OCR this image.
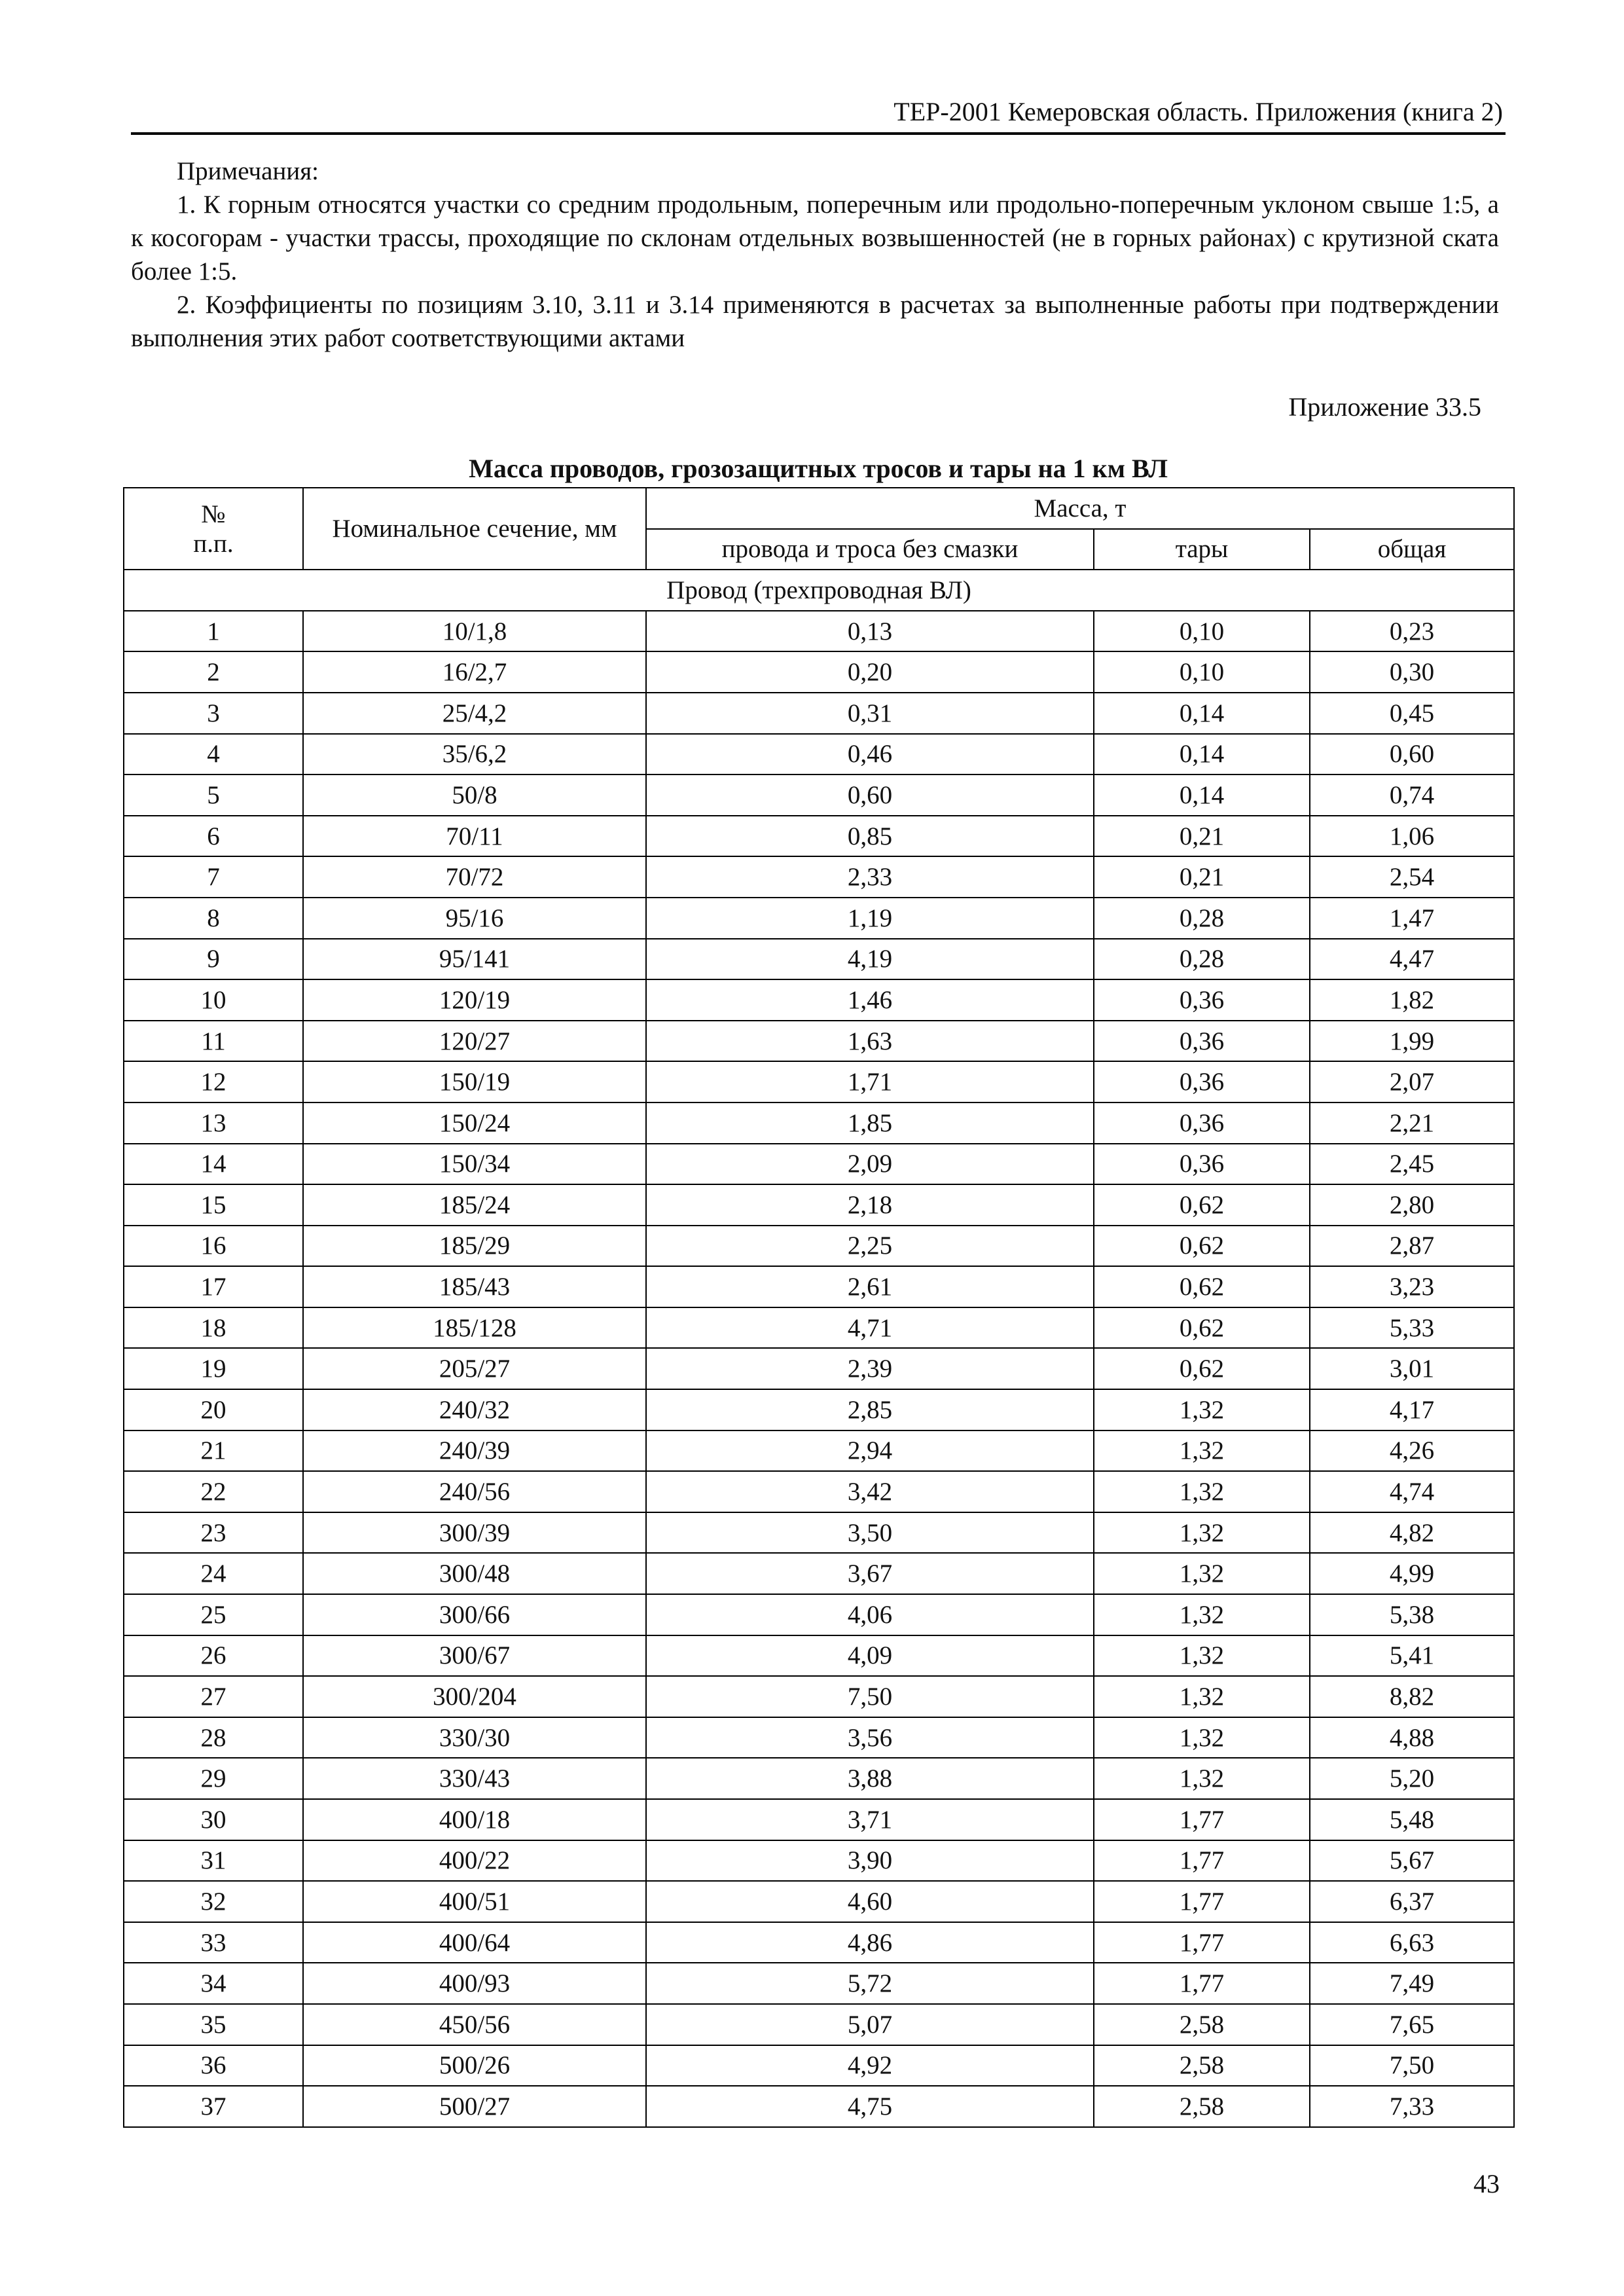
ТЕР-2001 Кемеровская область. Приложения (книга 2)

Примечания:

1. К горным относятся участки со средним продольным, поперечным или продольно-поперечным уклоном свыше 1:5, а к косогорам - участки трассы, проходящие по склонам отдельных возвышенностей (не в горных районах) с крутизной ската более 1:5.

2. Коэффициенты по позициям 3.10, 3.11 и 3.14 применяются в расчетах за выполненные работы при подтверждении выполнения этих работ соответствующими актами

Приложение 33.5
Масса проводов, грозозащитных тросов и тары на 1 км ВЛ
№
п.п.	Номинальное сечение, мм	Масса, т		
		провода и троса без смазки	тары	общая
Провод (трехпроводная ВЛ)				
1	10/1,8	0,13	0,10	0,23
2	16/2,7	0,20	0,10	0,30
3	25/4,2	0,31	0,14	0,45
4	35/6,2	0,46	0,14	0,60
5	50/8	0,60	0,14	0,74
6	70/11	0,85	0,21	1,06
7	70/72	2,33	0,21	2,54
8	95/16	1,19	0,28	1,47
9	95/141	4,19	0,28	4,47
10	120/19	1,46	0,36	1,82
11	120/27	1,63	0,36	1,99
12	150/19	1,71	0,36	2,07
13	150/24	1,85	0,36	2,21
14	150/34	2,09	0,36	2,45
15	185/24	2,18	0,62	2,80
16	185/29	2,25	0,62	2,87
17	185/43	2,61	0,62	3,23
18	185/128	4,71	0,62	5,33
19	205/27	2,39	0,62	3,01
20	240/32	2,85	1,32	4,17
21	240/39	2,94	1,32	4,26
22	240/56	3,42	1,32	4,74
23	300/39	3,50	1,32	4,82
24	300/48	3,67	1,32	4,99
25	300/66	4,06	1,32	5,38
26	300/67	4,09	1,32	5,41
27	300/204	7,50	1,32	8,82
28	330/30	3,56	1,32	4,88
29	330/43	3,88	1,32	5,20
30	400/18	3,71	1,77	5,48
31	400/22	3,90	1,77	5,67
32	400/51	4,60	1,77	6,37
33	400/64	4,86	1,77	6,63
34	400/93	5,72	1,77	7,49
35	450/56	5,07	2,58	7,65
36	500/26	4,92	2,58	7,50
37	500/27	4,75	2,58	7,33
43
